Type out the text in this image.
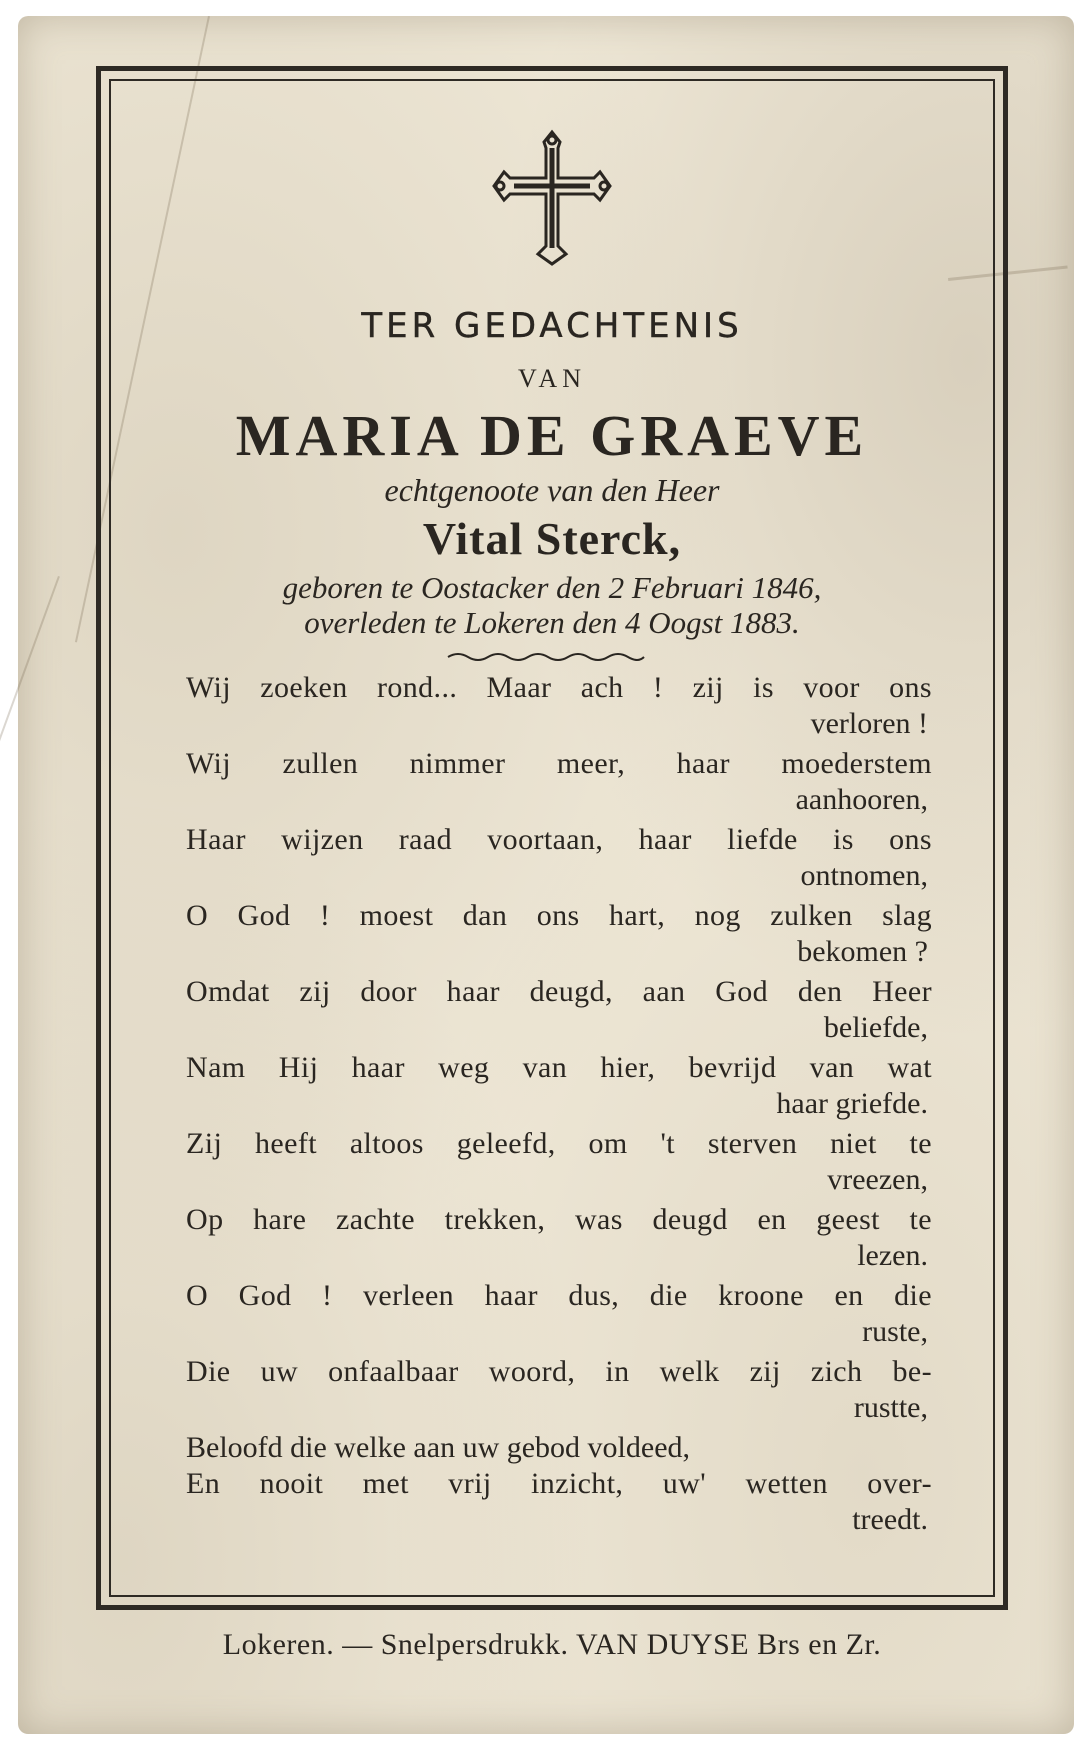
TER GEDACHTENIS
VAN
MARIA DE GRAEVE
echtgenoote van den Heer
Vital Sterck,
geboren te Oostacker den 2 Februari 1846,
overleden te Lokeren den 4 Oogst 1883.
Wij zoeken rond... Maar ach ! zij is voor ons
verloren !
Wij zullen nimmer meer, haar moederstem
aanhooren,
Haar wijzen raad voortaan, haar liefde is ons
ontnomen,
O God ! moest dan ons hart, nog zulken slag
bekomen ?
Omdat zij door haar deugd, aan God den Heer
beliefde,
Nam Hij haar weg van hier, bevrijd van wat
haar griefde.
Zij heeft altoos geleefd, om 't sterven niet te
vreezen,
Op hare zachte trekken, was deugd en geest te
lezen.
O God ! verleen haar dus, die kroone en die
ruste,
Die uw onfaalbaar woord, in welk zij zich be-
rustte,
Beloofd die welke aan uw gebod voldeed,
En nooit met vrij inzicht, uw' wetten over-
treedt.

Lokeren. — Snelpersdrukk. VAN DUYSE Brs en Zr.
